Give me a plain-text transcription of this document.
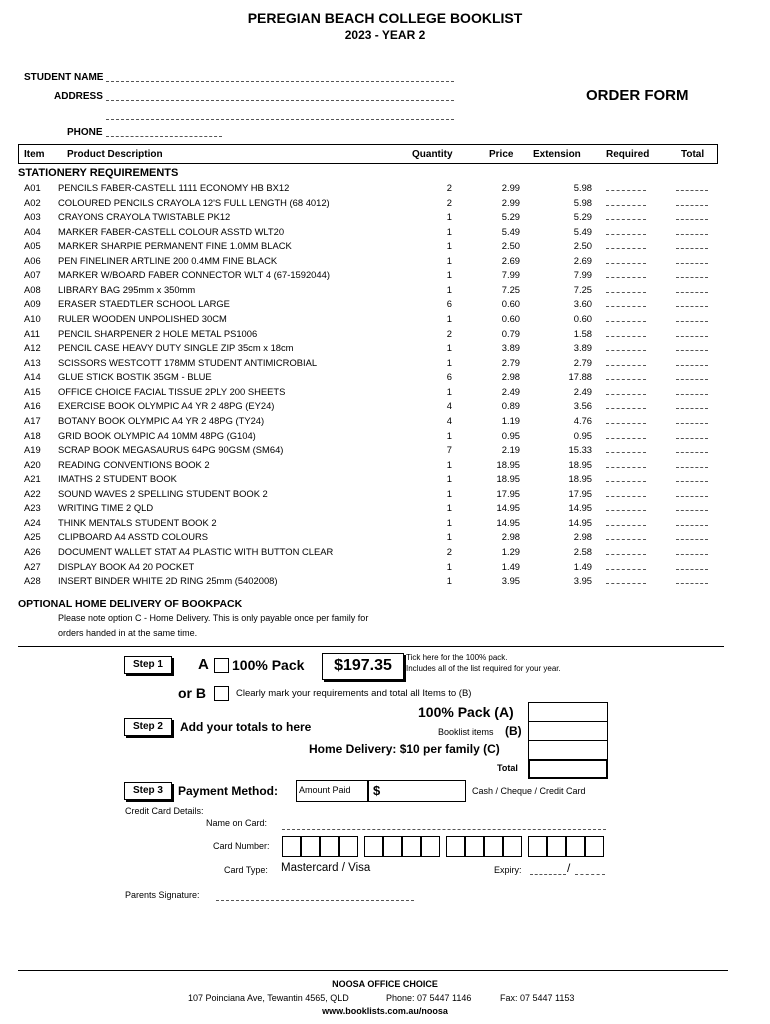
PEREGIAN BEACH COLLEGE BOOKLIST
2023 - YEAR 2
STUDENT NAME
ADDRESS
PHONE
ORDER FORM
Item Product Description	Quantity	Price Extension	Required	Total
STATIONERY REQUIREMENTS
A01 PENCILS FABER-CASTELL 1111 ECONOMY HB BX12	2	2.99	5.98
A02 COLOURED PENCILS CRAYOLA 12'S FULL LENGTH (68 4012)	2	2.99	5.98
A03 CRAYONS CRAYOLA TWISTABLE PK12	1	5.29	5.29
A04 MARKER FABER-CASTELL COLOUR ASSTD WLT20	1	5.49	5.49
A05 MARKER SHARPIE PERMANENT FINE 1.0MM BLACK	1	2.50	2.50
A06 PEN FINELINER ARTLINE 200 0.4MM FINE BLACK	1	2.69	2.69
A07 MARKER W/BOARD FABER CONNECTOR WLT 4 (67-1592044)	1	7.99	7.99
A08 LIBRARY BAG 295mm x 350mm	1	7.25	7.25
A09 ERASER STAEDTLER SCHOOL LARGE	6	0.60	3.60
A10 RULER WOODEN UNPOLISHED 30CM	1	0.60	0.60
A11 PENCIL SHARPENER 2 HOLE METAL PS1006	2	0.79	1.58
A12 PENCIL CASE HEAVY DUTY SINGLE ZIP 35cm x 18cm	1	3.89	3.89
A13 SCISSORS WESTCOTT 178MM STUDENT ANTIMICROBIAL	1	2.79	2.79
A14 GLUE STICK BOSTIK 35GM - BLUE	6	2.98	17.88
A15 OFFICE CHOICE FACIAL TISSUE 2PLY 200 SHEETS	1	2.49	2.49
A16 EXERCISE BOOK OLYMPIC A4 YR 2 48PG (EY24)	4	0.89	3.56
A17 BOTANY BOOK OLYMPIC A4 YR 2 48PG (TY24)	4	1.19	4.76
A18 GRID BOOK OLYMPIC A4 10MM 48PG (G104)	1	0.95	0.95
A19 SCRAP BOOK MEGASAURUS 64PG 90GSM (SM64)	7	2.19	15.33
A20 READING CONVENTIONS BOOK 2	1	18.95	18.95
A21 IMATHS 2 STUDENT BOOK	1	18.95	18.95
A22 SOUND WAVES 2 SPELLING STUDENT BOOK 2	1	17.95	17.95
A23 WRITING TIME 2 QLD	1	14.95	14.95
A24 THINK MENTALS STUDENT BOOK 2	1	14.95	14.95
A25 CLIPBOARD A4 ASSTD COLOURS	1	2.98	2.98
A26 DOCUMENT WALLET STAT A4 PLASTIC WITH BUTTON CLEAR	2	1.29	2.58
A27 DISPLAY BOOK A4 20 POCKET	1	1.49	1.49
A28 INSERT BINDER WHITE 2D RING 25mm (5402008)	1	3.95	3.95
OPTIONAL HOME DELIVERY OF BOOKPACK
Please note option C - Home Delivery. This is only payable once per family for
orders handed in at the same time.
Step 1	A 100% Pack	$197.35	Tick here for the 100% pack.
Includes all of the list required for your year.
or B	Clearly mark your requirements and total all Items to (B)
Step 2	Add your totals to here
100% Pack (A)
Booklist items (B)
Home Delivery: $10 per family (C)
Total
Step 3	Payment Method: Amount Paid $	Cash / Cheque / Credit Card
Credit Card Details:
Name on Card:
Card Number:
Card Type: Mastercard / Visa	Expiry:	/
Parents Signature:
NOOSA OFFICE CHOICE
107 Poinciana Ave, Tewantin 4565, QLD	Phone: 07 5447 1146	Fax: 07 5447 1153
www.booklists.com.au/noosa
